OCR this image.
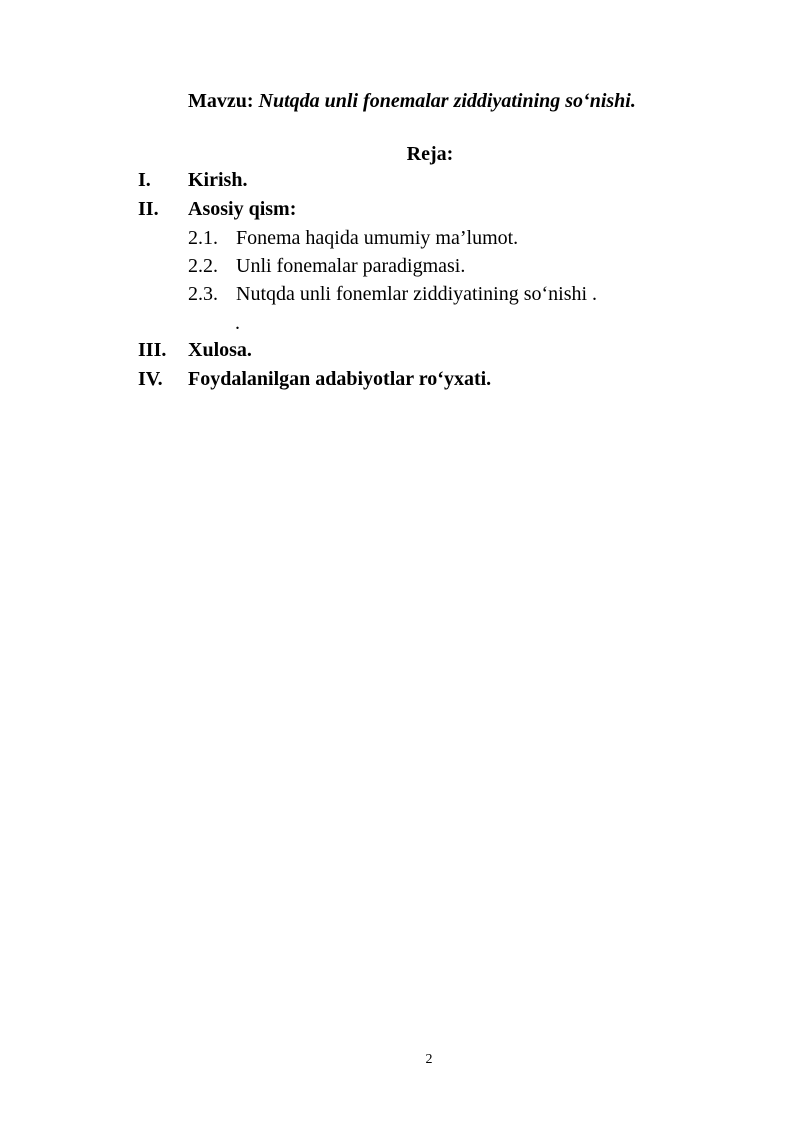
Mavzu: Nutqda unli fonemalar ziddiyatining so‘nishi.
Reja:
I. Kirish.
II. Asosiy qism:
2.1. Fonema haqida umumiy ma’lumot.
2.2. Unli fonemalar paradigmasi.
2.3. Nutqda unli fonemlar ziddiyatining so‘nishi .
.
III. Xulosa.
IV. Foydalanilgan adabiyotlar ro‘yxati.
2
